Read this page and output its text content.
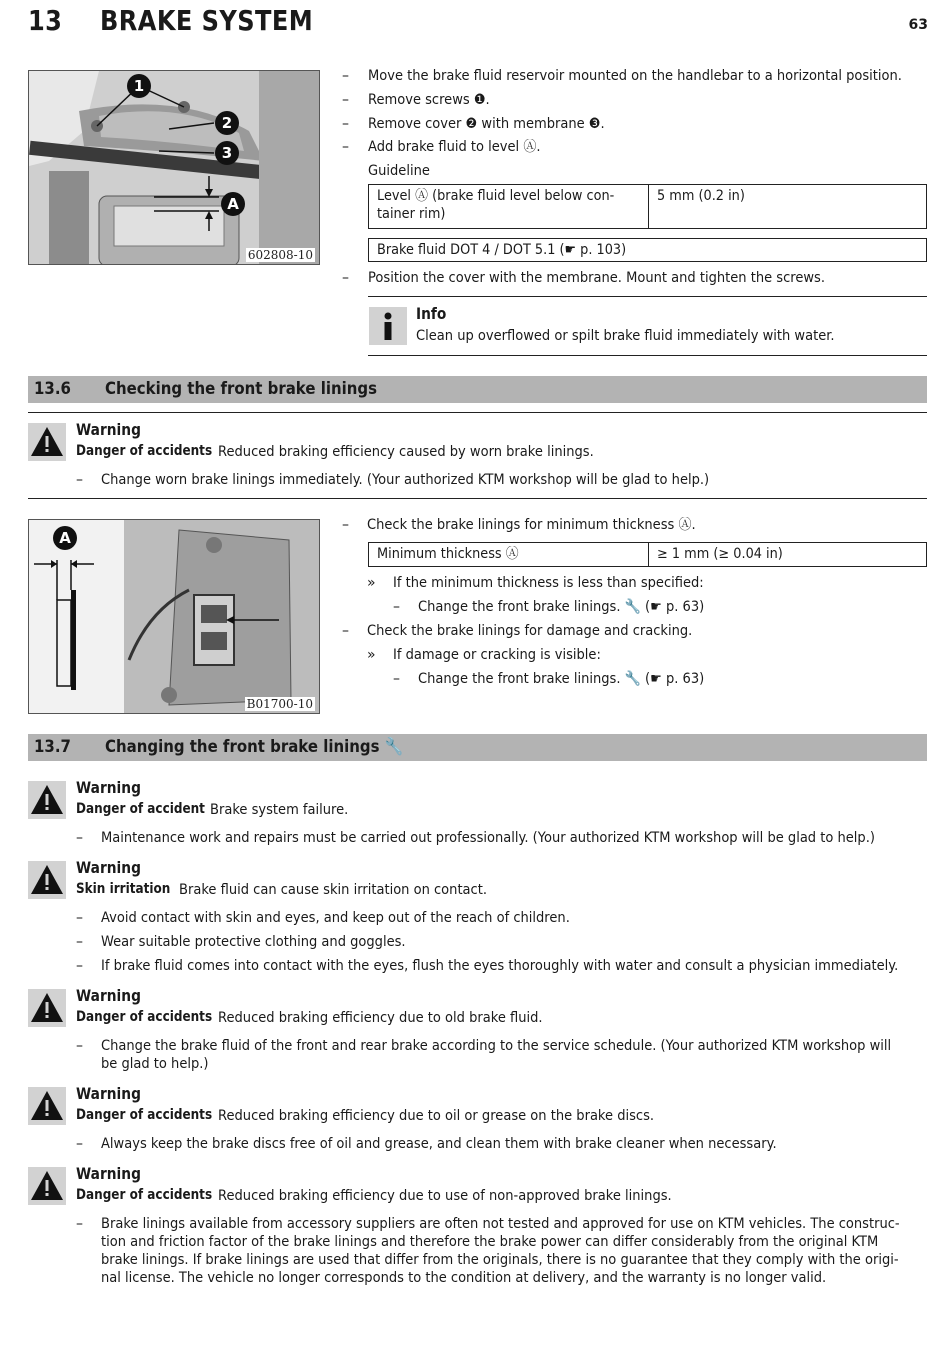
13 BRAKE SYSTEM	63
1
2
3
A
602808-10
– Move the brake fluid reservoir mounted on the handlebar to a horizontal position.
– Remove screws ❶.
– Remove cover ❷ with membrane ❸.
– Add brake fluid to level Ⓐ.
Guideline
Level Ⓐ (brake fluid level below con-
tainer rim)	5 mm (0.2 in)
Brake fluid DOT 4 / DOT 5.1 (☛ p. 103)
– Position the cover with the membrane. Mount and tighten the screws.
Info
Clean up overflowed or spilt brake fluid immediately with water.
13.6 Checking the front brake linings
Warning
Danger of accidents Reduced braking efficiency caused by worn brake linings.
– Change worn brake linings immediately. (Your authorized KTM workshop will be glad to help.)
A
B01700-10
– Check the brake linings for minimum thickness Ⓐ.
Minimum thickness Ⓐ	≥ 1 mm (≥ 0.04 in)
» If the minimum thickness is less than specified:
– Change the front brake linings. 🔧 (☛ p. 63)
– Check the brake linings for damage and cracking.
» If damage or cracking is visible:
– Change the front brake linings. 🔧 (☛ p. 63)
13.7 Changing the front brake linings 🔧
Warning
Danger of accident Brake system failure.
– Maintenance work and repairs must be carried out professionally. (Your authorized KTM workshop will be glad to help.)
Warning
Skin irritation Brake fluid can cause skin irritation on contact.
– Avoid contact with skin and eyes, and keep out of the reach of children.
– Wear suitable protective clothing and goggles.
– If brake fluid comes into contact with the eyes, flush the eyes thoroughly with water and consult a physician immediately.
Warning
Danger of accidents Reduced braking efficiency due to old brake fluid.
– Change the brake fluid of the front and rear brake according to the service schedule. (Your authorized KTM workshop will
be glad to help.)
Warning
Danger of accidents Reduced braking efficiency due to oil or grease on the brake discs.
– Always keep the brake discs free of oil and grease, and clean them with brake cleaner when necessary.
Warning
Danger of accidents Reduced braking efficiency due to use of non-approved brake linings.
– Brake linings available from accessory suppliers are often not tested and approved for use on KTM vehicles. The construc-
tion and friction factor of the brake linings and therefore the brake power can differ considerably from the original KTM
brake linings. If brake linings are used that differ from the originals, there is no guarantee that they comply with the origi-
nal license. The vehicle no longer corresponds to the condition at delivery, and the warranty is no longer valid.
